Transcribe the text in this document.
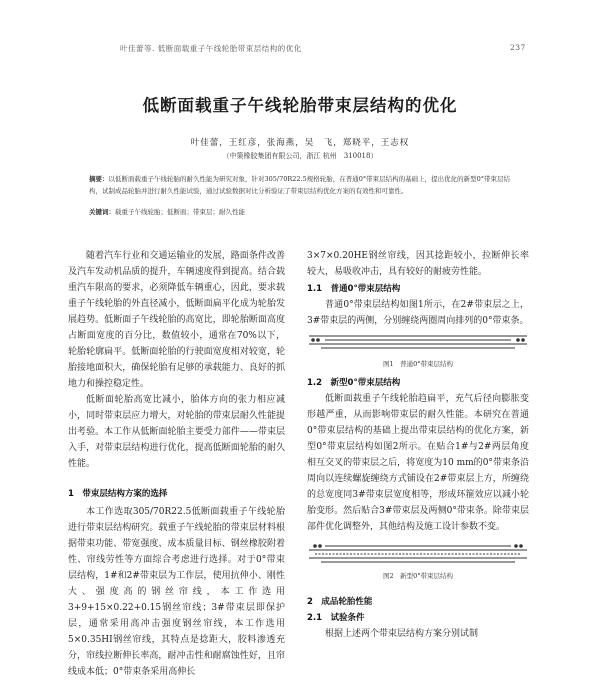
叶佳蕾等. 低断面载重子午线轮胎带束层结构的优化	237
低断面载重子午线轮胎带束层结构的优化
叶佳蕾，王红彦，张海燕，吴　飞，郑晓平，王志权
（中策橡胶集团有限公司，浙江 杭州　310018）
摘要：以低断面载重子午线轮胎的耐久性能为研究对象，针对305/70R22.5规格轮胎，在普通0°带束层结构的基础上，提出优化的新型0°带束层结构，试制成品轮胎并进行耐久性能试验，通过试验数据对比分析验证了带束层结构优化方案的有效性和可靠性。
关键词：载重子午线轮胎；低断面；带束层；耐久性能

随着汽车行业和交通运输业的发展，路面条件改善及汽车发动机品质的提升，车辆速度得到提高。结合载重汽车限高的要求，必须降低车辆重心，因此，要求载重子午线轮胎的外直径减小，低断面扁平化成为轮胎发展趋势。低断面子午线轮胎的高宽比，即轮胎断面高度占断面宽度的百分比，数值较小，通常在70%以下，轮胎轮廓扁平。低断面轮胎的行驶面宽度相对较宽，轮胎接地面积大，确保轮胎有足够的承载能力、良好的抓地力和操控稳定性。

低断面轮胎高宽比减小，胎体方向的张力相应减小，同时带束层应力增大，对轮胎的带束层耐久性能提出考验。本工作从低断面轮胎主要受力部件——带束层入手，对带束层结构进行优化，提高低断面轮胎的耐久性能。

1　带束层结构方案的选择

本工作选取305/70R22.5低断面载重子午线轮胎进行带束层结构研究。载重子午线轮胎的带束层材料根据带束功能、带宽强度、成本质量目标、钢丝橡胶附着性、帘线劳性等方面综合考虑进行选择。对于0°带束层结构，1#和2#带束层为工作层，使用抗伸小、刚性大、强度高的钢丝帘线，本工作选用3+9+15×0.22+0.15钢丝帘线；3#带束层即保护层，通常采用高冲击强度钢丝帘线，本工作选用5×0.35HI钢丝帘线，其特点是捻距大，胶料渗透充分，帘线拉断伸长率高，耐冲击性和耐腐蚀性好，且帘线成本低；0°带束条采用高伸长

3×7×0.20HE钢丝帘线，因其捻距较小，拉断伸长率较大，易吸收冲击，具有较好的耐疲劳性能。

1.1　普通0°带束层结构

普通0°带束层结构如图1所示，在2#带束层之上，3#带束层的两侧，分别缠绕两圈周向排列的0°带束条。

图1　普通0°带束层结构
1.2　新型0°带束层结构

低断面载重子午线轮胎趋扁平，充气后径向膨胀变形越严重，从而影响带束层的耐久性能。本研究在普通0°带束层结构的基础上提出带束层结构的优化方案，新型0°带束层结构如图2所示。在贴合1#与2#两层角度相互交叉的带束层之后，将宽度为10 mm的0°带束条沿周向以连续螺旋缠绕方式铺设在2#带束层上方，所缠绕的总宽度同3#带束层宽度相等，形成环箍效应以减小轮胎变形。然后贴合3#带束层及两侧0°带束条。除带束层部件优化调整外，其他结构及施工设计参数不变。

图2　新型0°带束层结构
2　成品轮胎性能
2.1　试验条件

根据上述两个带束层结构方案分别试制
